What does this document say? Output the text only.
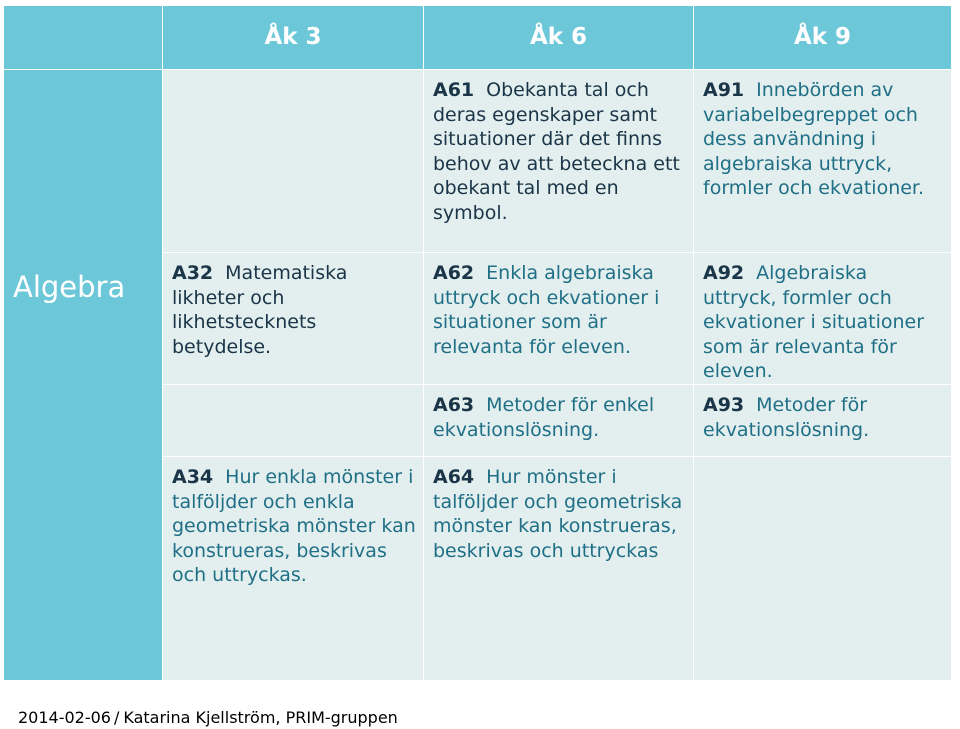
Åk 3	Åk 6	Åk 9
Algebra
A61 Obekanta tal och deras egenskaper samt situationer där det finns behov av att beteckna ett obekant tal med en symbol.
A91 Innebörden av variabelbegreppet och dess användning i algebraiska uttryck, formler och ekvationer.
A32 Matematiska likheter och likhetstecknets betydelse.
A62 Enkla algebraiska uttryck och ekvationer i situationer som är relevanta för eleven.
A92 Algebraiska uttryck, formler och ekvationer i situationer som är relevanta för eleven.
A63 Metoder för enkel ekvationslösning.
A93 Metoder för ekvationslösning.
A34 Hur enkla mönster i talföljder och enkla geometriska mönster kan konstrueras, beskrivas och uttryckas.
A64 Hur mönster i talföljder och geometriska mönster kan konstrueras, beskrivas och uttryckas
2014-02-06 / Katarina Kjellström, PRIM-gruppen
